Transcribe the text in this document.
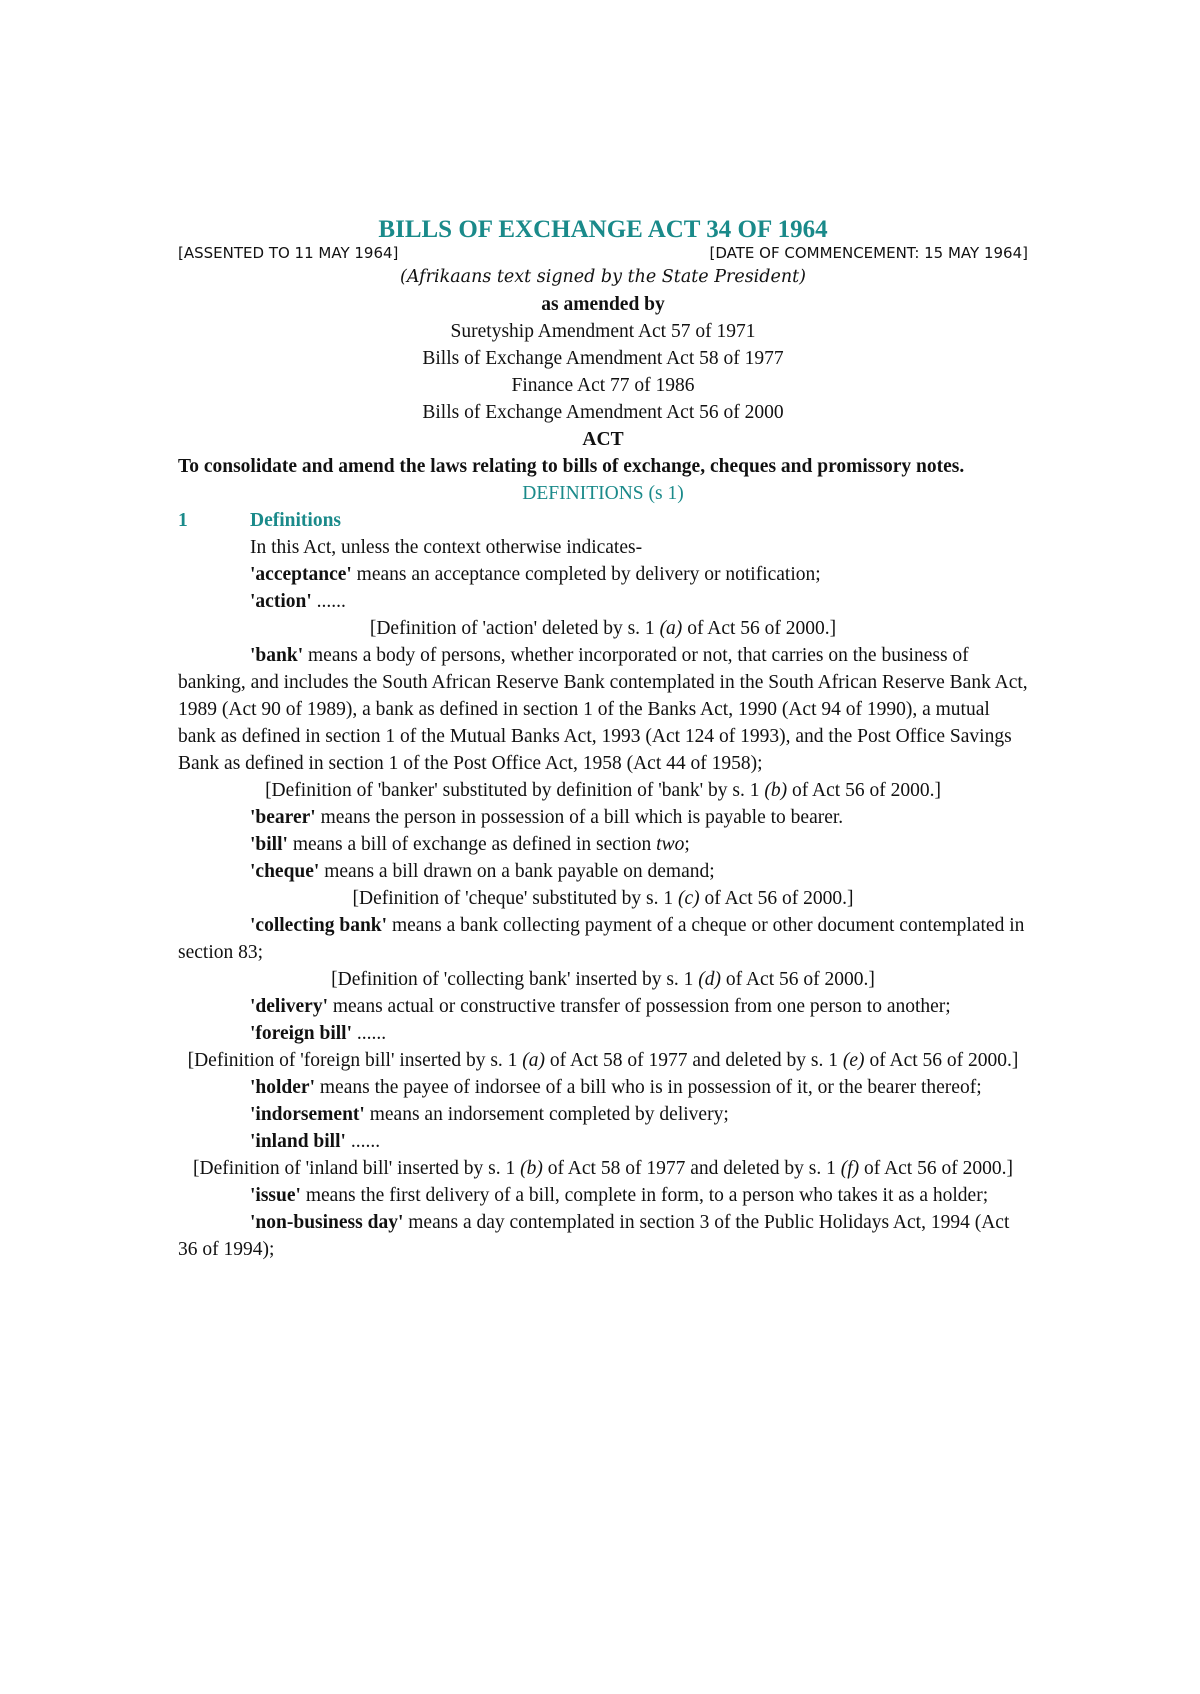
BILLS OF EXCHANGE ACT 34 OF 1964
[ASSENTED TO 11 MAY 1964]	[DATE OF COMMENCEMENT: 15 MAY 1964]
(Afrikaans text signed by the State President)
as amended by
Suretyship Amendment Act 57 of 1971
Bills of Exchange Amendment Act 58 of 1977
Finance Act 77 of 1986
Bills of Exchange Amendment Act 56 of 2000
ACT
To consolidate and amend the laws relating to bills of exchange, cheques and promissory notes.
DEFINITIONS (s 1)
1	Definitions
In this Act, unless the context otherwise indicates-
'acceptance' means an acceptance completed by delivery or notification;
'action' ......
[Definition of 'action' deleted by s. 1 (a) of Act 56 of 2000.]
'bank' means a body of persons, whether incorporated or not, that carries on the business of banking, and includes the South African Reserve Bank contemplated in the South African Reserve Bank Act, 1989 (Act 90 of 1989), a bank as defined in section 1 of the Banks Act, 1990 (Act 94 of 1990), a mutual bank as defined in section 1 of the Mutual Banks Act, 1993 (Act 124 of 1993), and the Post Office Savings Bank as defined in section 1 of the Post Office Act, 1958 (Act 44 of 1958);
[Definition of 'banker' substituted by definition of 'bank' by s. 1 (b) of Act 56 of 2000.]
'bearer' means the person in possession of a bill which is payable to bearer.
'bill' means a bill of exchange as defined in section two;
'cheque' means a bill drawn on a bank payable on demand;
[Definition of 'cheque' substituted by s. 1 (c) of Act 56 of 2000.]
'collecting bank' means a bank collecting payment of a cheque or other document contemplated in section 83;
[Definition of 'collecting bank' inserted by s. 1 (d) of Act 56 of 2000.]
'delivery' means actual or constructive transfer of possession from one person to another;
'foreign bill' ......
[Definition of 'foreign bill' inserted by s. 1 (a) of Act 58 of 1977 and deleted by s. 1 (e) of Act 56 of 2000.]
'holder' means the payee of indorsee of a bill who is in possession of it, or the bearer thereof;
'indorsement' means an indorsement completed by delivery;
'inland bill' ......
[Definition of 'inland bill' inserted by s. 1 (b) of Act 58 of 1977 and deleted by s. 1 (f) of Act 56 of 2000.]
'issue' means the first delivery of a bill, complete in form, to a person who takes it as a holder;
'non-business day' means a day contemplated in section 3 of the Public Holidays Act, 1994 (Act 36 of 1994);
